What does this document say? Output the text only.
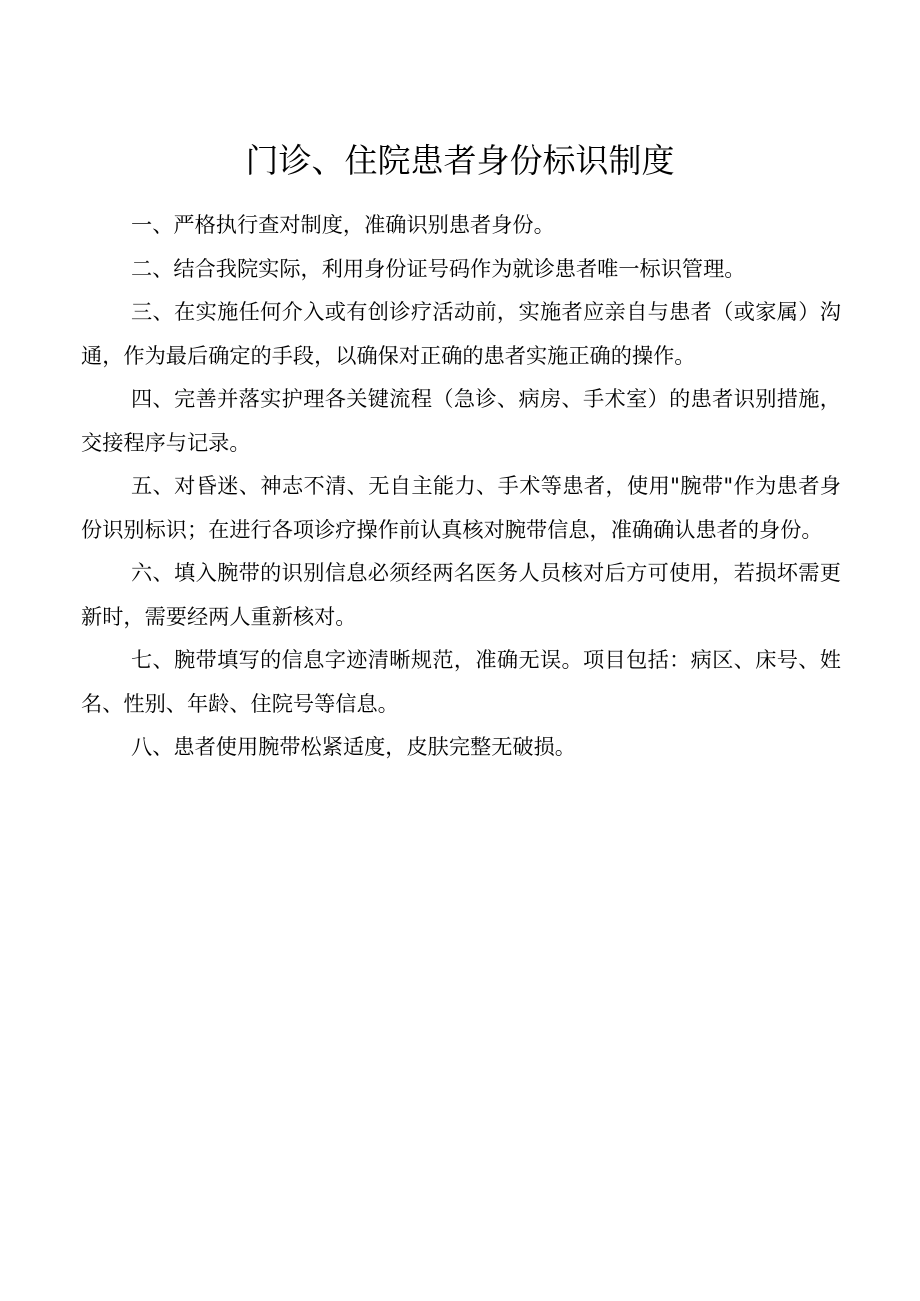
门诊、住院患者身份标识制度

一、严格执行查对制度，准确识别患者身份。

二、结合我院实际，利用身份证号码作为就诊患者唯一标识管理。

三、在实施任何介入或有创诊疗活动前，实施者应亲自与患者（或家属）沟通，作为最后确定的手段，以确保对正确的患者实施正确的操作。

四、完善并落实护理各关键流程（急诊、病房、手术室）的患者识别措施，交接程序与记录。

五、对昏迷、神志不清、无自主能力、手术等患者，使用"腕带"作为患者身份识别标识；在进行各项诊疗操作前认真核对腕带信息，准确确认患者的身份。

六、填入腕带的识别信息必须经两名医务人员核对后方可使用，若损坏需更新时，需要经两人重新核对。

七、腕带填写的信息字迹清晰规范，准确无误。项目包括：病区、床号、姓名、性别、年龄、住院号等信息。

八、患者使用腕带松紧适度，皮肤完整无破损。
